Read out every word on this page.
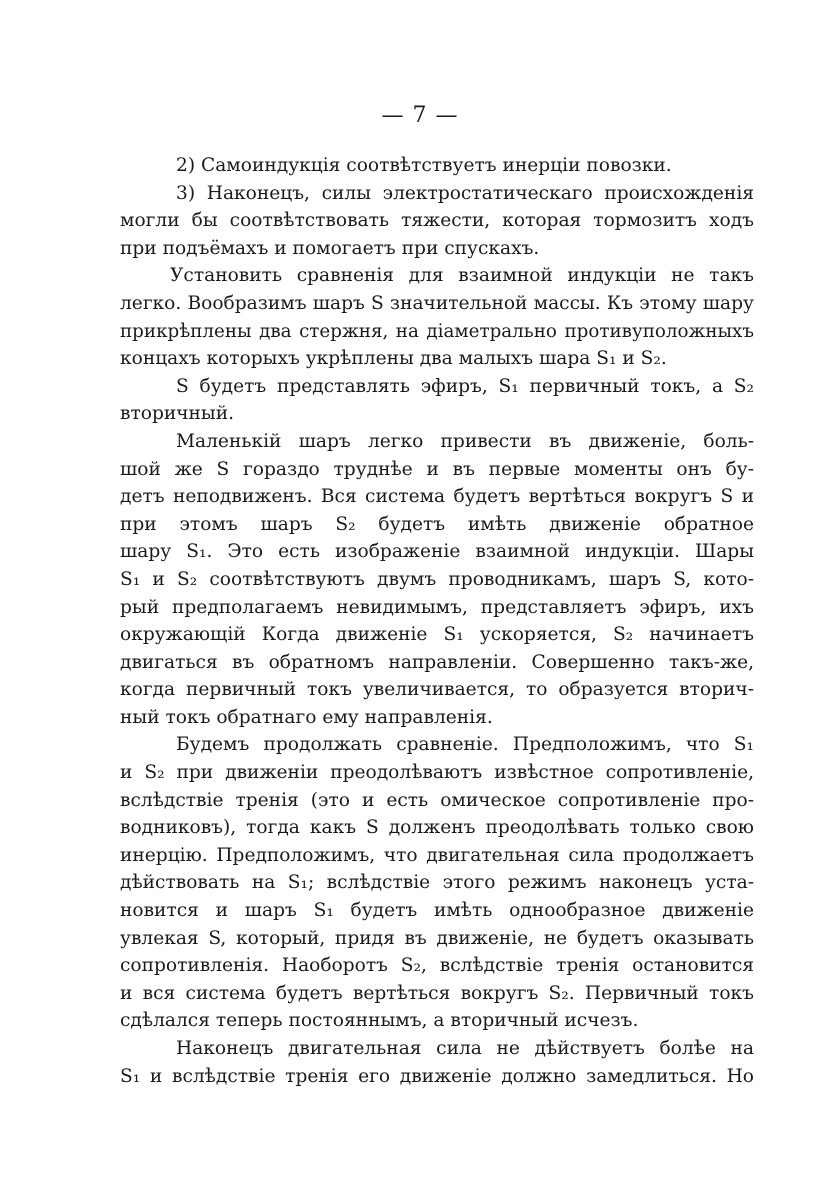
— 7 —
2) Самоиндукція соотвѣтствуетъ инерціи повозки.
3) Наконецъ, силы электростатическаго происхожденія
могли бы соотвѣтствовать тяжести, которая тормозитъ ходъ
при подъёмахъ и помогаетъ при спускахъ.
Установить сравненія для взаимной индукціи не такъ
легко. Вообразимъ шаръ S значительной массы. Къ этому шару
прикрѣплены два стержня, на діаметрально противуположныхъ
концахъ которыхъ укрѣплены два малыхъ шара S₁ и S₂.
S будетъ представлять эфиръ, S₁ первичный токъ, а S₂
вторичный.
Маленькій шаръ легко привести въ движеніе, боль-
шой же S гораздо труднѣе и въ первые моменты онъ бу-
детъ неподвиженъ. Вся система будетъ вертѣться вокругъ S и
при этомъ шаръ S₂ будетъ имѣть движеніе обратное
шару S₁. Это есть изображеніе взаимной индукціи. Шары
S₁ и S₂ соотвѣтствуютъ двумъ проводникамъ, шаръ S, кото-
рый предполагаемъ невидимымъ, представляетъ эфиръ, ихъ
окружающій Когда движеніе S₁ ускоряется, S₂ начинаетъ
двигаться въ обратномъ направленіи. Совершенно такъ-же,
когда первичный токъ увеличивается, то образуется вторич-
ный токъ обратнаго ему направленія.
Будемъ продолжать сравненіе. Предположимъ, что S₁
и S₂ при движеніи преодолѣваютъ извѣстное сопротивленіе,
вслѣдствіе тренія (это и есть омическое сопротивленіе про-
водниковъ), тогда какъ S долженъ преодолѣвать только свою
инерцію. Предположимъ, что двигательная сила продолжаетъ
дѣйствовать на S₁; вслѣдствіе этого режимъ наконецъ уста-
новится и шаръ S₁ будетъ имѣть однообразное движеніе
увлекая S, который, придя въ движеніе, не будетъ оказывать
сопротивленія. Наоборотъ S₂, вслѣдствіе тренія остановится
и вся система будетъ вертѣться вокругъ S₂. Первичный токъ
сдѣлался теперь постояннымъ, а вторичный исчезъ.
Наконецъ двигательная сила не дѣйствуетъ болѣе на
S₁ и вслѣдствіе тренія его движеніе должно замедлиться. Но
